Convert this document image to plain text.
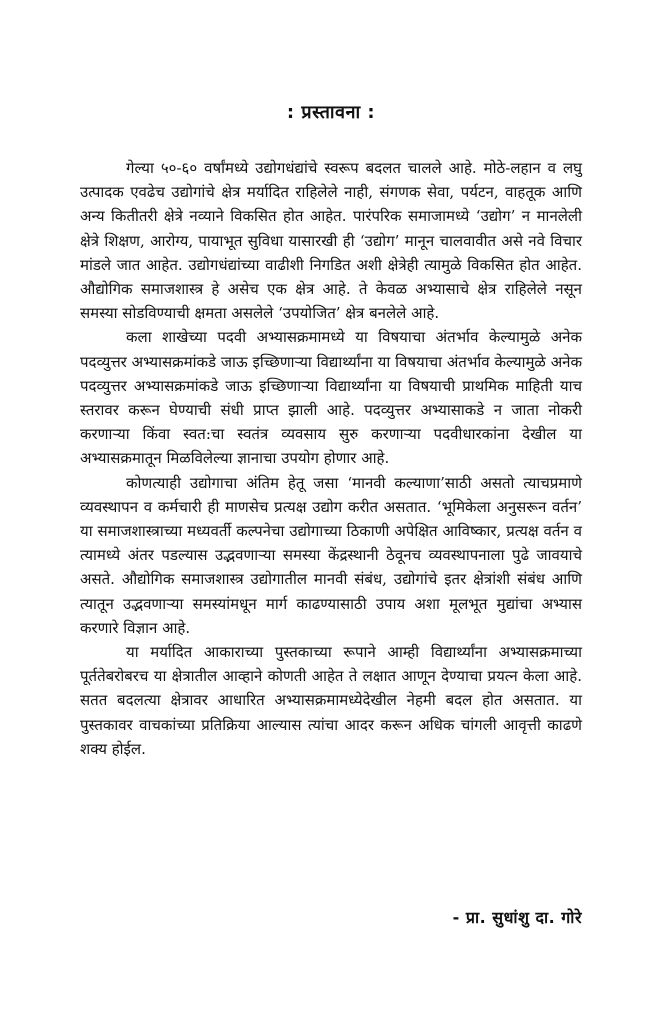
: प्रस्तावना :

गेल्या ५०-६० वर्षांमध्ये उद्योगधंद्यांचे स्वरूप बदलत चालले आहे. मोठे-लहान व लघु उत्पादक एवढेच उद्योगांचे क्षेत्र मर्यादित राहिलेले नाही, संगणक सेवा, पर्यटन, वाहतूक आणि अन्य कितीतरी क्षेत्रे नव्याने विकसित होत आहेत. पारंपरिक समाजामध्ये ‘उद्योग’ न मानलेली क्षेत्रे शिक्षण, आरोग्य, पायाभूत सुविधा यासारखी ही ‘उद्योग’ मानून चालवावीत असे नवे विचार मांडले जात आहेत. उद्योगधंद्यांच्या वाढीशी निगडित अशी क्षेत्रेही त्यामुळे विकसित होत आहेत. औद्योगिक समाजशास्त्र हे असेच एक क्षेत्र आहे. ते केवळ अभ्यासाचे क्षेत्र राहिलेले नसून समस्या सोडविण्याची क्षमता असलेले ‘उपयोजित’ क्षेत्र बनलेले आहे.

कला शाखेच्या पदवी अभ्यासक्रमामध्ये या विषयाचा अंतर्भाव केल्यामुळे अनेक पदव्युत्तर अभ्यासक्रमांकडे जाऊ इच्छिणाऱ्या विद्यार्थ्यांना या विषयाचा अंतर्भाव केल्यामुळे अनेक पदव्युत्तर अभ्यासक्रमांकडे जाऊ इच्छिणाऱ्या विद्यार्थ्यांना या विषयाची प्राथमिक माहिती याच स्तरावर करून घेण्याची संधी प्राप्त झाली आहे. पदव्युत्तर अभ्यासाकडे न जाता नोकरी करणाऱ्या किंवा स्वत:चा स्वतंत्र व्यवसाय सुरु करणाऱ्या पदवीधारकांना देखील या अभ्यासक्रमातून मिळविलेल्या ज्ञानाचा उपयोग होणार आहे.

कोणत्याही उद्योगाचा अंतिम हेतू जसा ‘मानवी कल्याणा’साठी असतो त्याचप्रमाणे व्यवस्थापन व कर्मचारी ही माणसेच प्रत्यक्ष उद्योग करीत असतात. ‘भूमिकेला अनुसरून वर्तन’ या समाजशास्त्राच्या मध्यवर्ती कल्पनेचा उद्योगाच्या ठिकाणी अपेक्षित आविष्कार, प्रत्यक्ष वर्तन व त्यामध्ये अंतर पडल्यास उद्भवणाऱ्या समस्या केंद्रस्थानी ठेवूनच व्यवस्थापनाला पुढे जावयाचे असते. औद्योगिक समाजशास्त्र उद्योगातील मानवी संबंध, उद्योगांचे इतर क्षेत्रांशी संबंध आणि त्यातून उद्भवणाऱ्या समस्यांमधून मार्ग काढण्यासाठी उपाय अशा मूलभूत मुद्यांचा अभ्यास करणारे विज्ञान आहे.

या मर्यादित आकाराच्या पुस्तकाच्या रूपाने आम्ही विद्यार्थ्यांना अभ्यासक्रमाच्या पूर्ततेबरोबरच या क्षेत्रातील आव्हाने कोणती आहेत ते लक्षात आणून देण्याचा प्रयत्न केला आहे. सतत बदलत्या क्षेत्रावर आधारित अभ्यासक्रमामध्येदेखील नेहमी बदल होत असतात. या पुस्तकावर वाचकांच्या प्रतिक्रिया आल्यास त्यांचा आदर करून अधिक चांगली आवृत्ती काढणे शक्य होईल.

- प्रा. सुधांशु दा. गोरे
